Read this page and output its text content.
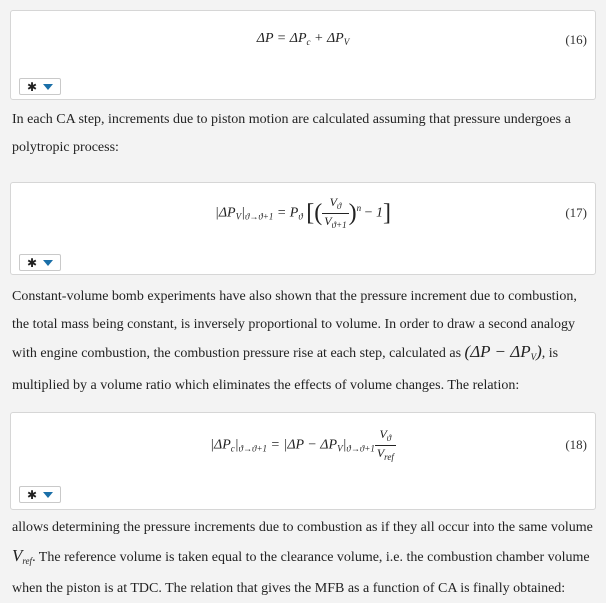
$\Delta P = \Delta P_c + \Delta P_V$	(16)
✱
In each CA step, increments due to piston motion are calculated assuming that pressure undergoes a polytropic process:
$|\Delta P_V|_{ϑ\to ϑ+1} = P_ϑ$ [( $\frac{V_ϑ}{V_{ϑ+1}} )^n - 1$]	(17)
✱
Constant-volume bomb experiments have also shown that the pressure increment due to combustion, the total mass being constant, is inversely proportional to volume. In order to draw a second analogy with engine combustion, the combustion pressure rise at each step, calculated as $(\Delta P - \Delta P_V)$, is multiplied by a volume ratio which eliminates the effects of volume changes. The relation:
$|\Delta P_c|_{ϑ\to ϑ+1} = |\Delta P - \Delta P_V|_{ϑ\to ϑ+1} \frac{V_ϑ}{V_{ref}}$	(18)
✱
allows determining the pressure increments due to combustion as if they all occur into the same volume $V_{ref}$. The reference volume is taken equal to the clearance volume, i.e. the combustion chamber volume when the piston is at TDC. The relation that gives the MFB as a function of CA is finally obtained:
